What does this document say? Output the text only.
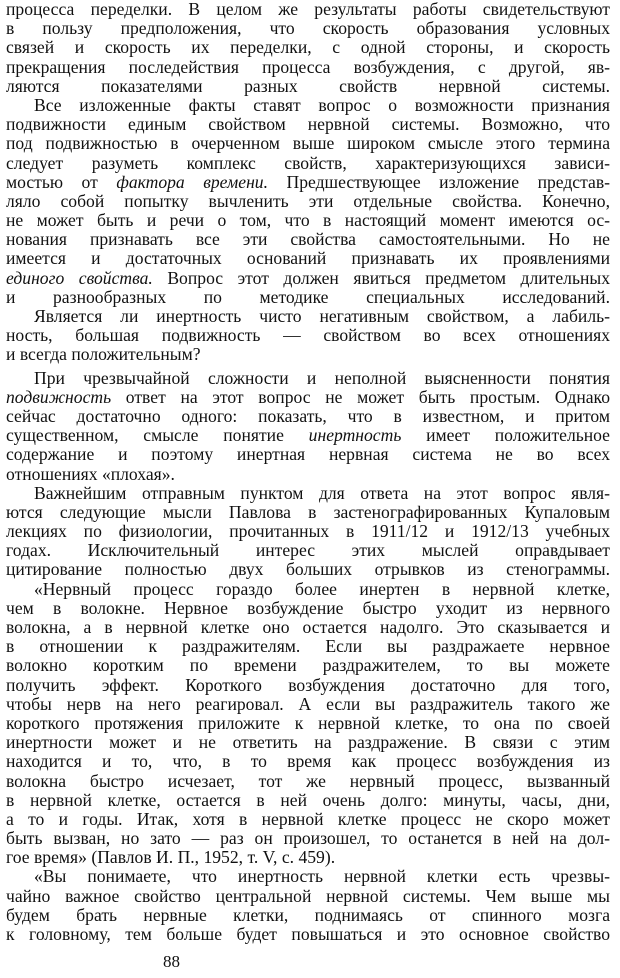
процесса переделки. В целом же результаты работы свидетельствуют
в пользу предположения, что скорость образования условных
связей и скорость их переделки, с одной стороны, и скорость
прекращения последействия процесса возбуждения, с другой, яв-
ляются показателями разных свойств нервной системы.
Все изложенные факты ставят вопрос о возможности признания
подвижности единым свойством нервной системы. Возможно, что
под подвижностью в очерченном выше широком смысле этого термина
следует разуметь комплекс свойств, характеризующихся зависи-
мостью от фактора времени. Предшествующее изложение представ-
ляло собой попытку вычленить эти отдельные свойства. Конечно,
не может быть и речи о том, что в настоящий момент имеются ос-
нования признавать все эти свойства самостоятельными. Но не
имеется и достаточных оснований признавать их проявлениями
единого свойства. Вопрос этот должен явиться предметом длительных
и разнообразных по методике специальных исследований.
Является ли инертность чисто негативным свойством, а лабиль-
ность, большая подвижность — свойством во всех отношениях
и всегда положительным?
При чрезвычайной сложности и неполной выясненности понятия
подвижность ответ на этот вопрос не может быть простым. Однако
сейчас достаточно одного: показать, что в известном, и притом
существенном, смысле понятие инертность имеет положительное
содержание и поэтому инертная нервная система не во всех
отношениях «плохая».
Важнейшим отправным пунктом для ответа на этот вопрос явля-
ются следующие мысли Павлова в застенографированных Купаловым
лекциях по физиологии, прочитанных в 1911/12 и 1912/13 учебных
годах. Исключительный интерес этих мыслей оправдывает
цитирование полностью двух больших отрывков из стенограммы.
«Нервный процесс гораздо более инертен в нервной клетке,
чем в волокне. Нервное возбуждение быстро уходит из нервного
волокна, а в нервной клетке оно остается надолго. Это сказывается и
в отношении к раздражителям. Если вы раздражаете нервное
волокно коротким по времени раздражителем, то вы можете
получить эффект. Короткого возбуждения достаточно для того,
чтобы нерв на него реагировал. А если вы раздражитель такого же
короткого протяжения приложите к нервной клетке, то она по своей
инертности может и не ответить на раздражение. В связи с этим
находится и то, что, в то время как процесс возбуждения из
волокна быстро исчезает, тот же нервный процесс, вызванный
в нервной клетке, остается в ней очень долго: минуты, часы, дни,
а то и годы. Итак, хотя в нервной клетке процесс не скоро может
быть вызван, но зато — раз он произошел, то останется в ней на дол-
гое время» (Павлов И. П., 1952, т. V, с. 459).
«Вы понимаете, что инертность нервной клетки есть чрезвы-
чайно важное свойство центральной нервной системы. Чем выше мы
будем брать нервные клетки, поднимаясь от спинного мозга
к головному, тем больше будет повышаться и это основное свойство
88
